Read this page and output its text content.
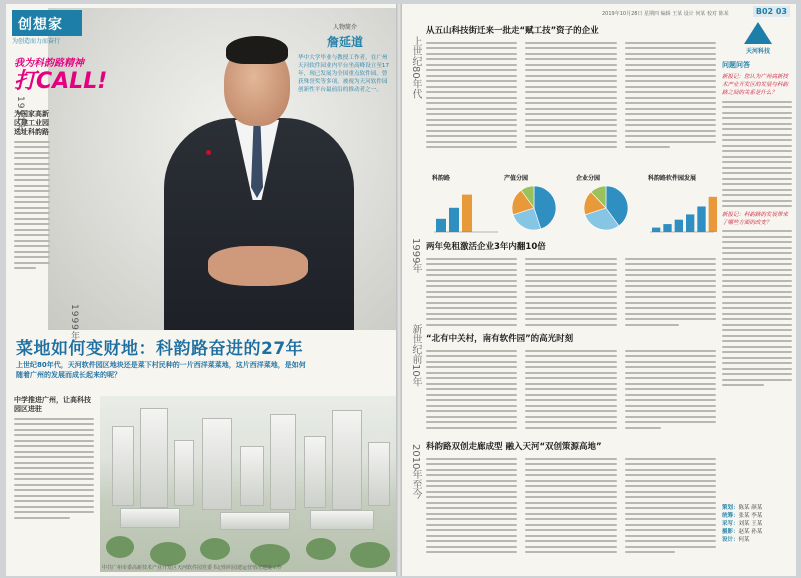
创想家
为创造而力而奋行
我为科韵路精神
打CALL!
人物简介
詹延道
华中大学毕业与教授工作者，在广州天河软件园业内平台坐高峰设立至17年，现已发展为全国重点软件园。曾获殊誉奖等多项，被视为天河软件园创新性平台最前沿的推动者之一。
为国家高新区建工业园选址科韵路
1991年
菜地如何变财地：科韵路奋进的27年
上世纪80年代，天河软件园区地块还是菜下村民种的一片西洋菜菜地，这片西洋菜地，是如何随着广州的发展而成长起来的呢？
中学推进广州，让高科技园区进驻
中共广州市委高新技术产业开发区天河软件园党委书记组织园建运营情况建设工作
1999年
2019年10月28日 星期四 编辑 王某 设计 何某 校对 陈某	B02 03
天河科技
从五山科技街迁来一批走“赋工技”资子的企业
上世纪80年代
科韵路	产值分园	企业分园	科韵路软件园发展
两年免租激活企业3年内翻10倍
1999年
“北有中关村，南有软件园”的高光时刻
新世纪前10年
科韵路双创走廊成型 融入天河“双创策源高地”
2010年至今
问题问答
新报记：您认为广州高新技术产业开发区的发展与科韵路之间的关系是什么？
新报记：科韵路的发展带来了哪些方面的改变？
策划：陈某 颜某
统筹：张某 李某
采写：刘某 王某
摄影：赵某 孙某
设计：何某
